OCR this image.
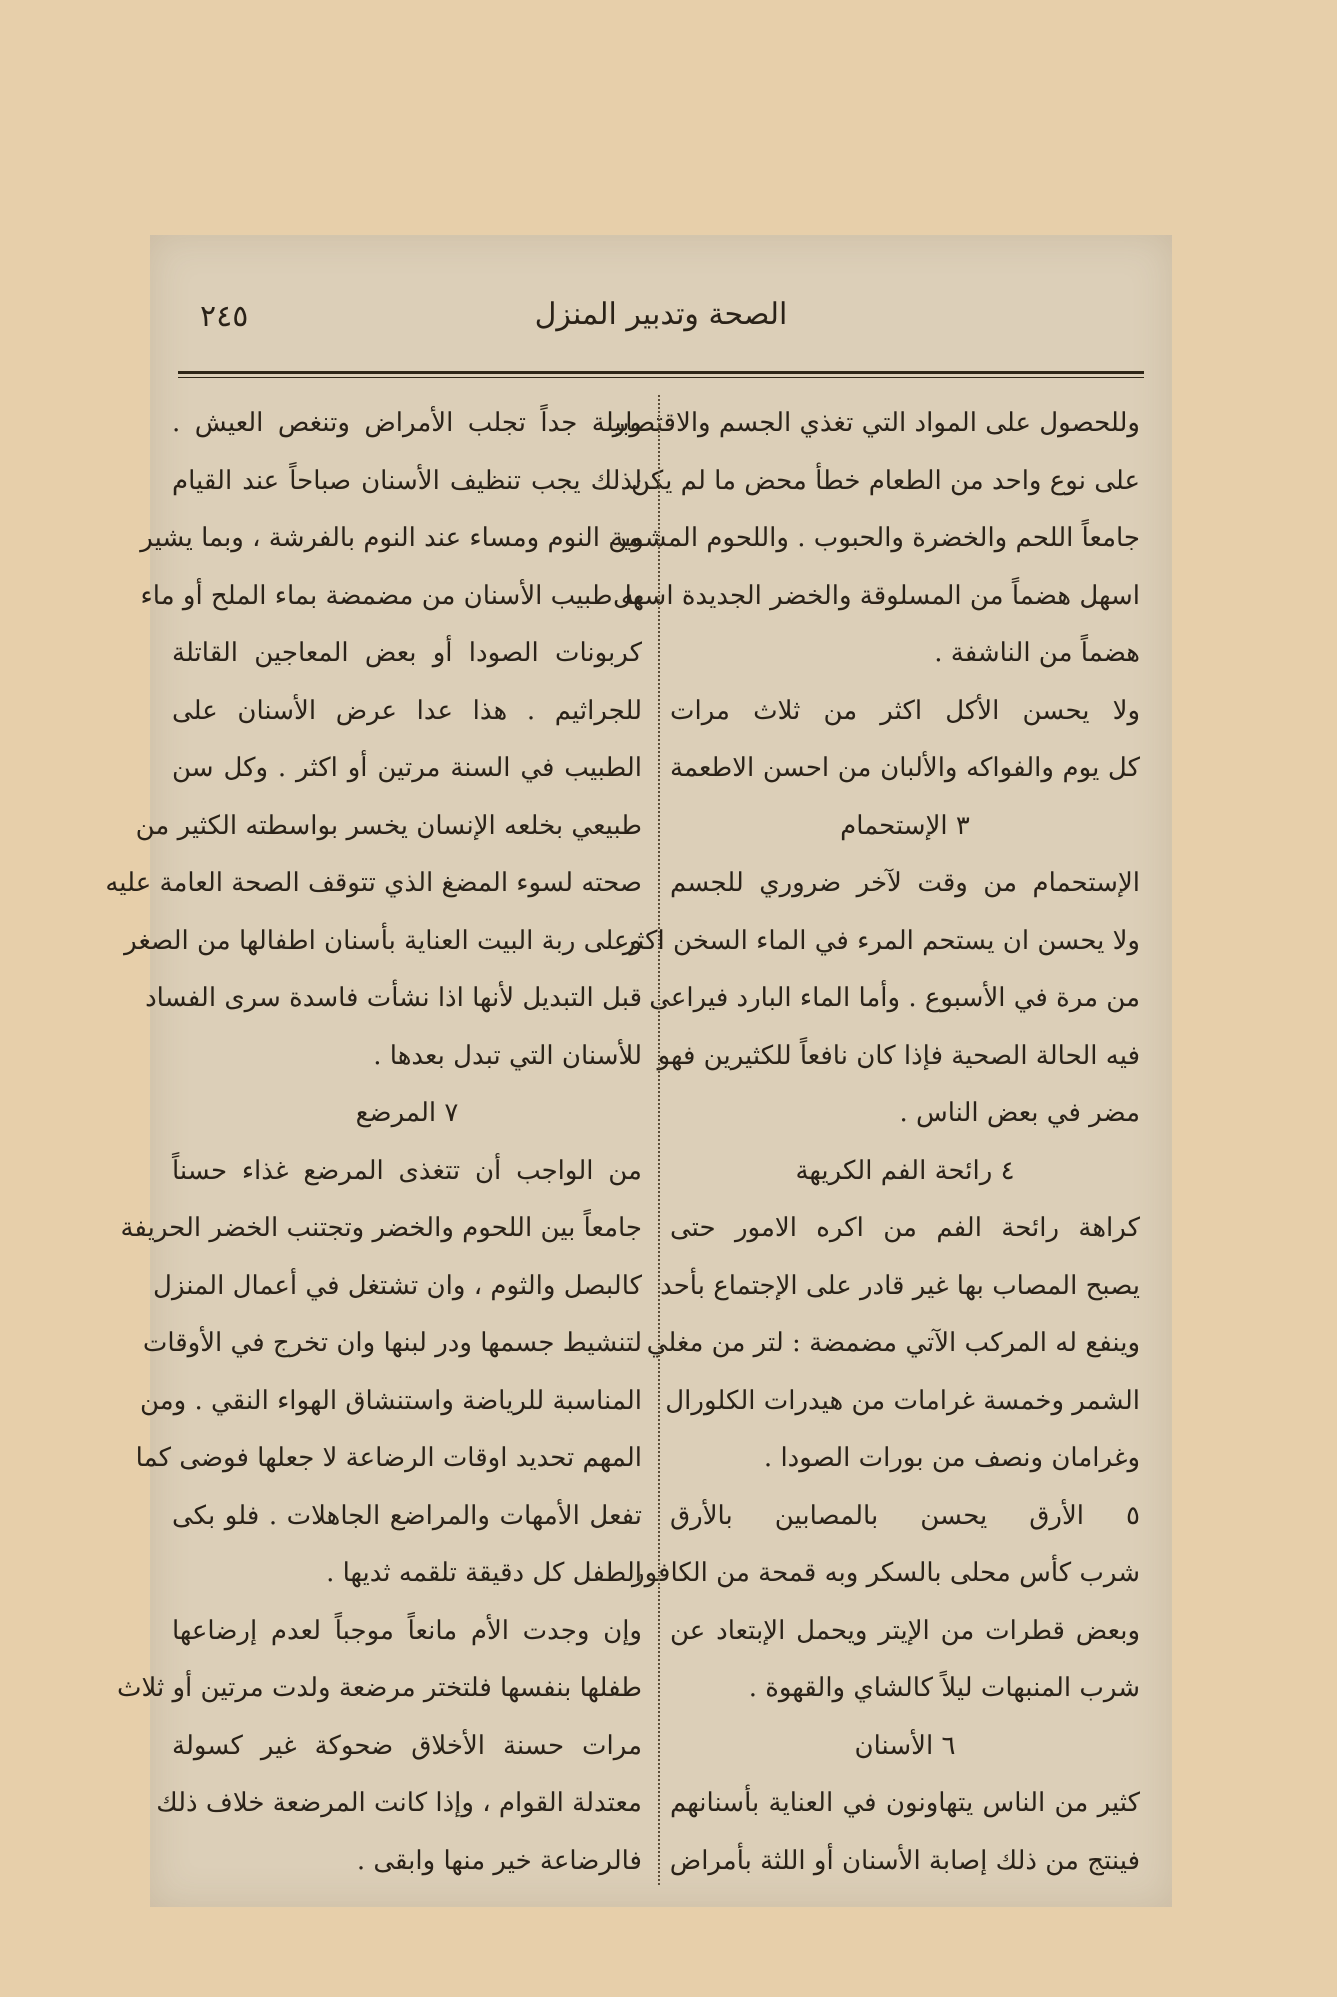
٢٤٥	الصحة وتدبير المنزل
وللحصول على المواد التي تغذي الجسم والاقتصار
على نوع واحد من الطعام خطأ محض ما لم يكن
جامعاً اللحم والخضرة والحبوب . واللحوم المشوية
اسهل هضماً من المسلوقة والخضر الجديدة اسهل
هضماً من الناشفة .
ولا يحسن الأكل اكثر من ثلاث مرات
كل يوم والفواكه والألبان من احسن الاطعمة
٣ الإستحمام
الإستحمام من وقت لآخر ضروري للجسم
ولا يحسن ان يستحم المرء في الماء السخن اكثر
من مرة في الأسبوع . وأما الماء البارد فيراعى
فيه الحالة الصحية فإذا كان نافعاً للكثيرين فهو
مضر في بعض الناس .
٤ رائحة الفم الكريهة
كراهة رائحة الفم من اكره الامور حتى
يصبح المصاب بها غير قادر على الإجتماع بأحد
وينفع له المركب الآتي مضمضة : لتر من مغلي
الشمر وخمسة غرامات من هيدرات الكلورال
وغرامان ونصف من بورات الصودا .
٥ الأرق يحسن بالمصابين بالأرق
شرب كأس محلى بالسكر وبه قمحة من الكافور
وبعض قطرات من الإيتر ويحمل الإبتعاد عن
شرب المنبهات ليلاً كالشاي والقهوة .
٦ الأسنان
كثير من الناس يتهاونون في العناية بأسنانهم
فينتج من ذلك إصابة الأسنان أو اللثة بأمراض
وبيلة جداً تجلب الأمراض وتنغص العيش .
لذلك يجب تنظيف الأسنان صباحاً عند القيام
من النوم ومساء عند النوم بالفرشة ، وبما يشير
به طبيب الأسنان من مضمضة بماء الملح أو ماء
كربونات الصودا أو بعض المعاجين القاتلة
للجراثيم . هذا عدا عرض الأسنان على
الطبيب في السنة مرتين أو اكثر . وكل سن
طبيعي بخلعه الإنسان يخسر بواسطته الكثير من
صحته لسوء المضغ الذي تتوقف الصحة العامة عليه
وعلى ربة البيت العناية بأسنان اطفالها من الصغر
قبل التبديل لأنها اذا نشأت فاسدة سرى الفساد
للأسنان التي تبدل بعدها .
٧ المرضع
من الواجب أن تتغذى المرضع غذاء حسناً
جامعاً بين اللحوم والخضر وتجتنب الخضر الحريفة
كالبصل والثوم ، وان تشتغل في أعمال المنزل
لتنشيط جسمها ودر لبنها وان تخرج في الأوقات
المناسبة للرياضة واستنشاق الهواء النقي . ومن
المهم تحديد اوقات الرضاعة لا جعلها فوضى كما
تفعل الأمهات والمراضع الجاهلات . فلو بكى
الطفل كل دقيقة تلقمه ثديها .
وإن وجدت الأم مانعاً موجباً لعدم إرضاعها
طفلها بنفسها فلتختر مرضعة ولدت مرتين أو ثلاث
مرات حسنة الأخلاق ضحوكة غير كسولة
معتدلة القوام ، وإذا كانت المرضعة خلاف ذلك
فالرضاعة خير منها وابقى .
